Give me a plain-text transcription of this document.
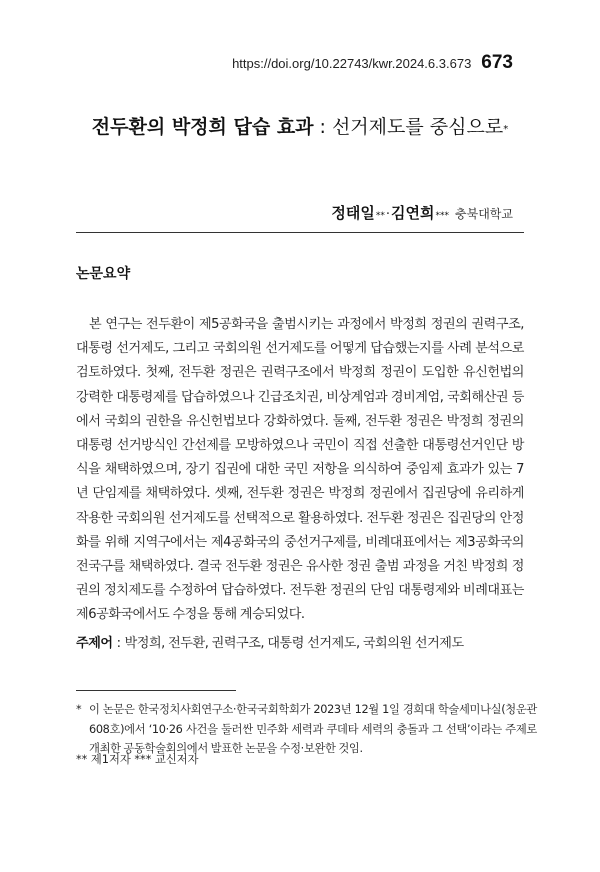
https://doi.org/10.22743/kwr.2024.6.3.673 673
전두환의 박정희 답습 효과 : 선거제도를 중심으로*
정태일 ** · 김연희 *** 충북대학교
논문요약

본 연구는 전두환이 제5공화국을 출범시키는 과정에서 박정희 정권의 권력구조, 대통령 선거제도, 그리고 국회의원 선거제도를 어떻게 답습했는지를 사례 분석으로 검토하였다. 첫째, 전두환 정권은 권력구조에서 박정희 정권이 도입한 유신헌법의 강력한 대통령제를 답습하였으나 긴급조치권, 비상계엄과 경비계엄, 국회해산권 등에서 국회의 권한을 유신헌법보다 강화하였다. 둘째, 전두환 정권은 박정희 정권의 대통령 선거방식인 간선제를 모방하였으나 국민이 직접 선출한 대통령선거인단 방식을 채택하였으며, 장기 집권에 대한 국민 저항을 의식하여 중임제 효과가 있는 7년 단임제를 채택하였다. 셋째, 전두환 정권은 박정희 정권에서 집권당에 유리하게 작용한 국회의원 선거제도를 선택적으로 활용하였다. 전두환 정권은 집권당의 안정화를 위해 지역구에서는 제4공화국의 중선거구제를, 비례대표에서는 제3공화국의 전국구를 채택하였다. 결국 전두환 정권은 유사한 정권 출범 과정을 거친 박정희 정권의 정치제도를 수정하여 답습하였다. 전두환 정권의 단임 대통령제와 비례대표는 제6공화국에서도 수정을 통해 계승되었다.

주제어 : 박정희, 전두환, 권력구조, 대통령 선거제도, 국회의원 선거제도

* 이 논문은 한국정치사회연구소·한국국회학회가 2023년 12월 1일 경희대 학술세미나실(청운관 608호)에서 ‘10·26 사건을 둘러싼 민주화 세력과 쿠데타 세력의 충돌과 그 선택’이라는 주제로 개최한 공동학술회의에서 발표한 논문을 수정·보완한 것임.

** 제1저자 *** 교신저자
